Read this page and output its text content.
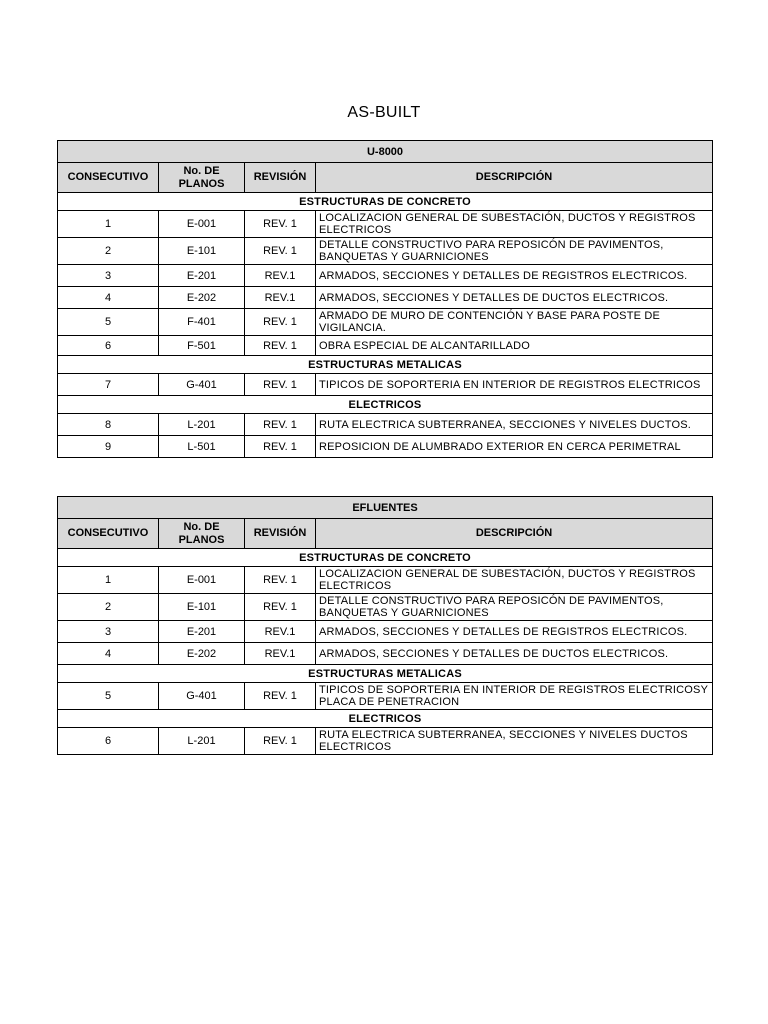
AS-BUILT
U-8000			
CONSECUTIVO	No. DE PLANOS	REVISIÓN	DESCRIPCIÓN
ESTRUCTURAS DE CONCRETO			
1	E-001	REV. 1	LOCALIZACION GENERAL DE SUBESTACIÓN, DUCTOS Y REGISTROS ELECTRICOS
2	E-101	REV. 1	DETALLE CONSTRUCTIVO PARA REPOSICÓN DE PAVIMENTOS, BANQUETAS Y GUARNICIONES
3	E-201	REV.1	ARMADOS, SECCIONES Y DETALLES DE REGISTROS ELECTRICOS.
4	E-202	REV.1	ARMADOS, SECCIONES Y DETALLES DE DUCTOS ELECTRICOS.
5	F-401	REV. 1	ARMADO DE MURO DE CONTENCIÓN Y BASE PARA POSTE DE VIGILANCIA.
6	F-501	REV. 1	OBRA ESPECIAL DE ALCANTARILLADO
ESTRUCTURAS METALICAS			
7	G-401	REV. 1	TIPICOS DE SOPORTERIA EN INTERIOR DE REGISTROS ELECTRICOS
ELECTRICOS			
8	L-201	REV. 1	RUTA ELECTRICA SUBTERRANEA, SECCIONES Y NIVELES DUCTOS.
9	L-501	REV. 1	REPOSICION DE ALUMBRADO EXTERIOR EN CERCA PERIMETRAL
EFLUENTES			
CONSECUTIVO	No. DE PLANOS	REVISIÓN	DESCRIPCIÓN
ESTRUCTURAS DE CONCRETO			
1	E-001	REV. 1	LOCALIZACION GENERAL DE SUBESTACIÓN, DUCTOS Y REGISTROS ELECTRICOS
2	E-101	REV. 1	DETALLE CONSTRUCTIVO PARA REPOSICÓN DE PAVIMENTOS, BANQUETAS Y GUARNICIONES
3	E-201	REV.1	ARMADOS, SECCIONES Y DETALLES DE REGISTROS ELECTRICOS.
4	E-202	REV.1	ARMADOS, SECCIONES Y DETALLES DE DUCTOS ELECTRICOS.
ESTRUCTURAS METALICAS			
5	G-401	REV. 1	TIPICOS DE SOPORTERIA EN INTERIOR DE REGISTROS ELECTRICOSY PLACA DE PENETRACION
ELECTRICOS			
6	L-201	REV. 1	RUTA ELECTRICA SUBTERRANEA, SECCIONES Y NIVELES DUCTOS ELECTRICOS
